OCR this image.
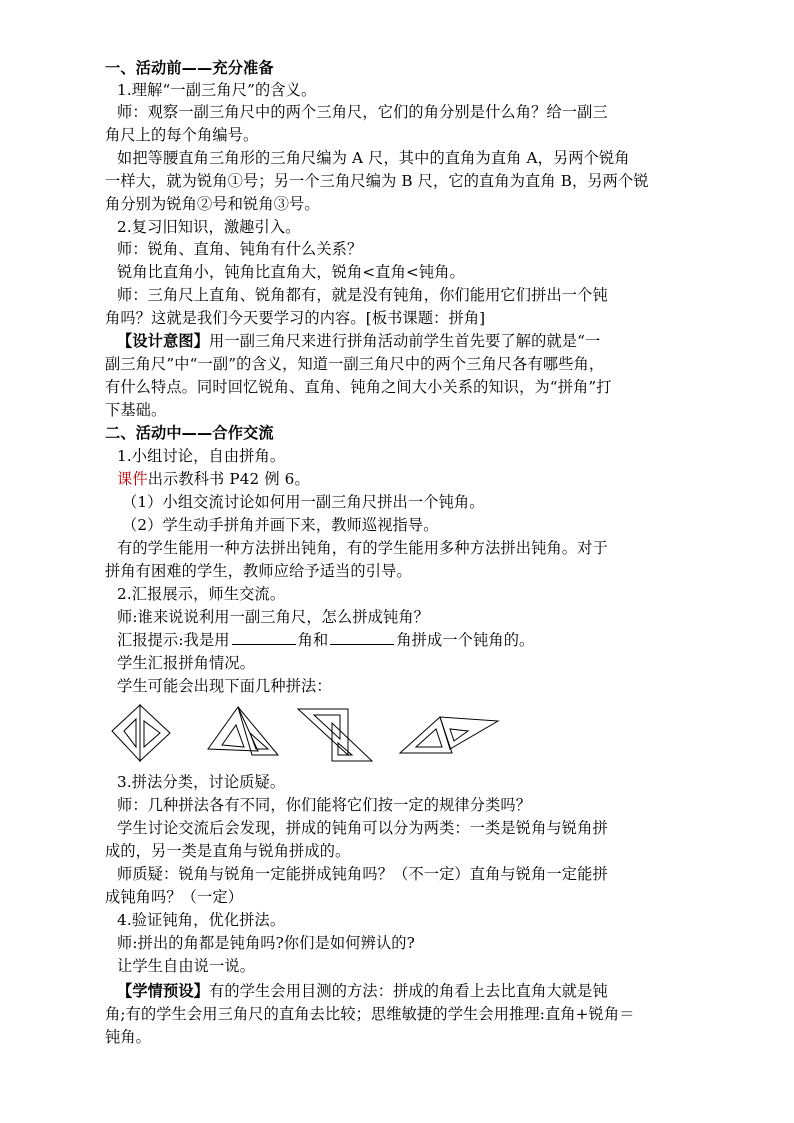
一、活动前——充分准备
1.理解“一副三角尺”的含义。
师：观察一副三角尺中的两个三角尺，它们的角分别是什么角？给一副三
角尺上的每个角编号。
如把等腰直角三角形的三角尺编为 A 尺，其中的直角为直角 A，另两个锐角
一样大，就为锐角①号；另一个三角尺编为 B 尺，它的直角为直角 B，另两个锐
角分别为锐角②号和锐角③号。
2.复习旧知识，激趣引入。
师：锐角、直角、钝角有什么关系？
锐角比直角小，钝角比直角大，锐角<直角<钝角。
师：三角尺上直角、锐角都有，就是没有钝角，你们能用它们拼出一个钝
角吗？这就是我们今天要学习的内容。[板书课题：拼角]
【设计意图】用一副三角尺来进行拼角活动前学生首先要了解的就是“一
副三角尺”中“一副”的含义，知道一副三角尺中的两个三角尺各有哪些角，
有什么特点。同时回忆锐角、直角、钝角之间大小关系的知识，为“拼角”打
下基础。
二、活动中——合作交流
1.小组讨论，自由拼角。
课件出示教科书 P42 例 6。
（1）小组交流讨论如何用一副三角尺拼出一个钝角。
（2）学生动手拼角并画下来，教师巡视指导。
有的学生能用一种方法拼出钝角，有的学生能用多种方法拼出钝角。对于
拼角有困难的学生，教师应给予适当的引导。
2.汇报展示，师生交流。
师:谁来说说利用一副三角尺，怎么拼成钝角？
汇报提示:我是用	角和	角拼成一个钝角的。
学生汇报拼角情况。
学生可能会出现下面几种拼法：
3.拼法分类，讨论质疑。
师：几种拼法各有不同，你们能将它们按一定的规律分类吗？
学生讨论交流后会发现，拼成的钝角可以分为两类：一类是锐角与锐角拼
成的，另一类是直角与锐角拼成的。
师质疑：锐角与锐角一定能拼成钝角吗？（不一定）直角与锐角一定能拼
成钝角吗？（一定）
4.验证钝角，优化拼法。
师:拼出的角都是钝角吗?你们是如何辨认的?
让学生自由说一说。
【学情预设】有的学生会用目测的方法：拼成的角看上去比直角大就是钝
角;有的学生会用三角尺的直角去比较；思维敏捷的学生会用推理:直角+锐角＝
钝角。
